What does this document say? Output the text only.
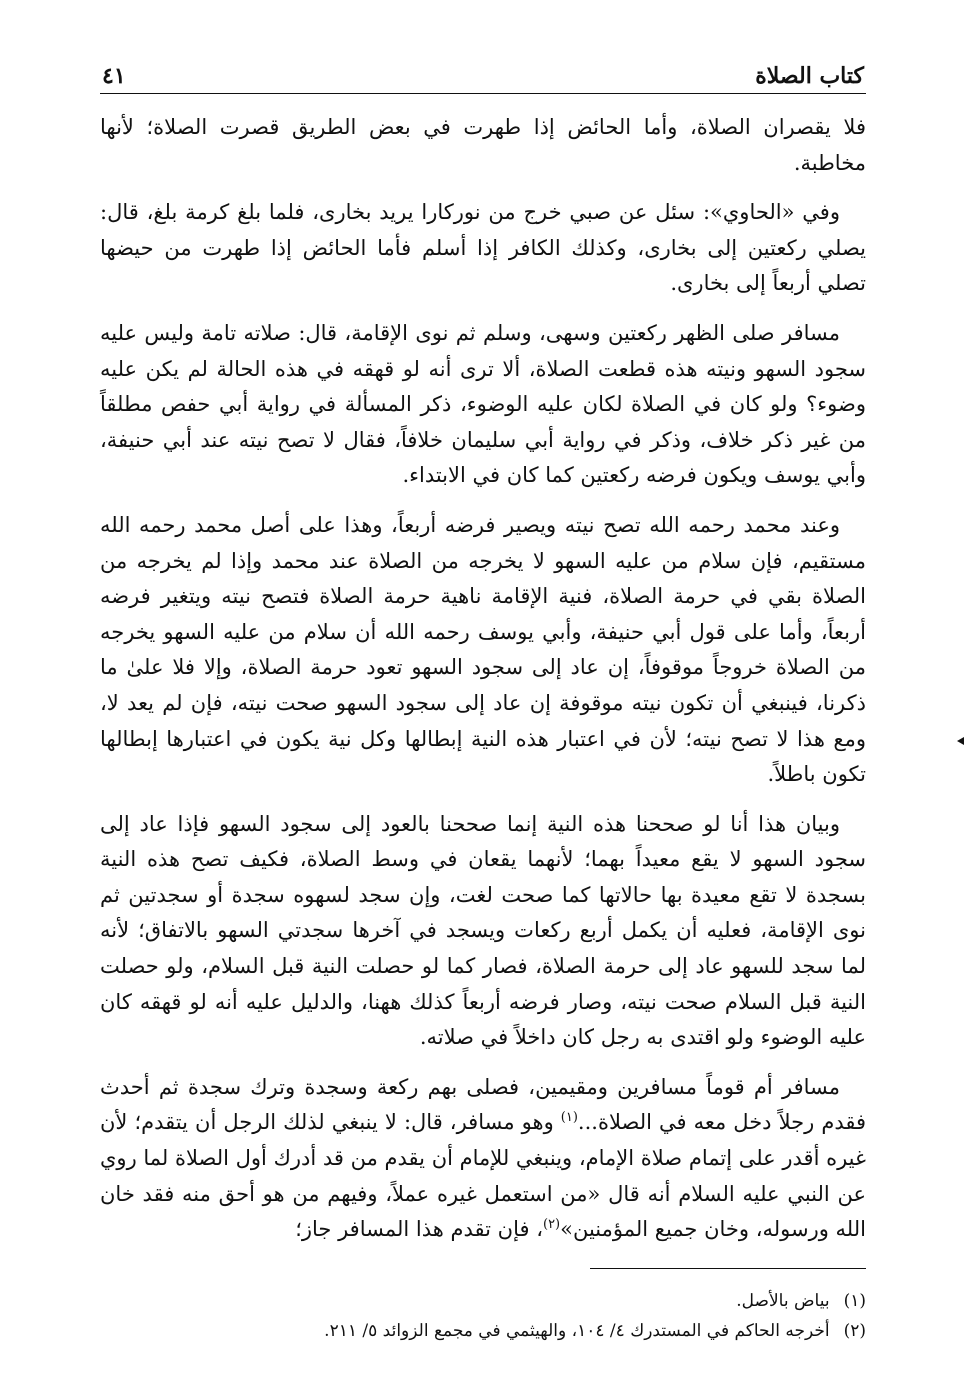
كتاب الصلاة
٤١

فلا يقصران الصلاة، وأما الحائض إذا طهرت في بعض الطريق قصرت الصلاة؛ لأنها مخاطبة.

وفي «الحاوي»: سئل عن صبي خرج من نوركارا يريد بخارى، فلما بلغ كرمة بلغ، قال: يصلي ركعتين إلى بخارى، وكذلك الكافر إذا أسلم فأما الحائض إذا طهرت من حيضها تصلي أربعاً إلى بخارى.

مسافر صلى الظهر ركعتين وسهى، وسلم ثم نوى الإقامة، قال: صلاته تامة وليس عليه سجود السهو ونيته هذه قطعت الصلاة، ألا ترى أنه لو قهقه في هذه الحالة لم يكن عليه وضوء؟ ولو كان في الصلاة لكان عليه الوضوء، ذكر المسألة في رواية أبي حفص مطلقاً من غير ذكر خلاف، وذكر في رواية أبي سليمان خلافاً، فقال لا تصح نيته عند أبي حنيفة، وأبي يوسف ويكون فرضه ركعتين كما كان في الابتداء.

وعند محمد رحمه الله تصح نيته ويصير فرضه أربعاً، وهذا على أصل محمد رحمه الله مستقيم، فإن سلام من عليه السهو لا يخرجه من الصلاة عند محمد وإذا لم يخرجه من الصلاة بقي في حرمة الصلاة، فنية الإقامة ناهية حرمة الصلاة فتصح نيته ويتغير فرضه أربعاً، وأما على قول أبي حنيفة، وأبي يوسف رحمه الله أن سلام من عليه السهو يخرجه من الصلاة خروجاً موقوفاً، إن عاد إلى سجود السهو تعود حرمة الصلاة، وإلا فلا علىٰ ما ذكرنا، فينبغي أن تكون نيته موقوفة إن عاد إلى سجود السهو صحت نيته، فإن لم يعد لا، ومع هذا لا تصح نيته؛ لأن في اعتبار هذه النية إبطالها وكل نية يكون في اعتبارها إبطالها تكون باطلاً.

وبيان هذا أنا لو صححنا هذه النية إنما صححنا بالعود إلى سجود السهو فإذا عاد إلى سجود السهو لا يقع معيداً بهما؛ لأنهما يقعان في وسط الصلاة، فكيف تصح هذه النية بسجدة لا تقع معيدة بها حالاتها كما صحت لغت، وإن سجد لسهوه سجدة أو سجدتين ثم نوى الإقامة، فعليه أن يكمل أربع ركعات ويسجد في آخرها سجدتي السهو بالاتفاق؛ لأنه لما سجد للسهو عاد إلى حرمة الصلاة، فصار كما لو حصلت النية قبل السلام، ولو حصلت النية قبل السلام صحت نيته، وصار فرضه أربعاً كذلك ههنا، والدليل عليه أنه لو قهقه كان عليه الوضوء ولو اقتدى به رجل كان داخلاً في صلاته.

مسافر أم قوماً مسافرين ومقيمين، فصلى بهم ركعة وسجدة وترك سجدة ثم أحدث فقدم رجلاً دخل معه في الصلاة...$^{(١)}$ وهو مسافر، قال: لا ينبغي لذلك الرجل أن يتقدم؛ لأن غيره أقدر على إتمام صلاة الإمام، وينبغي للإمام أن يقدم من قد أدرك أول الصلاة لما روي عن النبي عليه السلام أنه قال «من استعمل غيره عملاً، وفيهم من هو أحق منه فقد خان الله ورسوله، وخان جميع المؤمنين»$^{(٢)}$، فإن تقدم هذا المسافر جاز؛

(١)
بياض بالأصل.
(٢)
أخرجه الحاكم في المستدرك ٤/ ١٠٤، والهيثمي في مجمع الزوائد ٥/ ٢١١.
